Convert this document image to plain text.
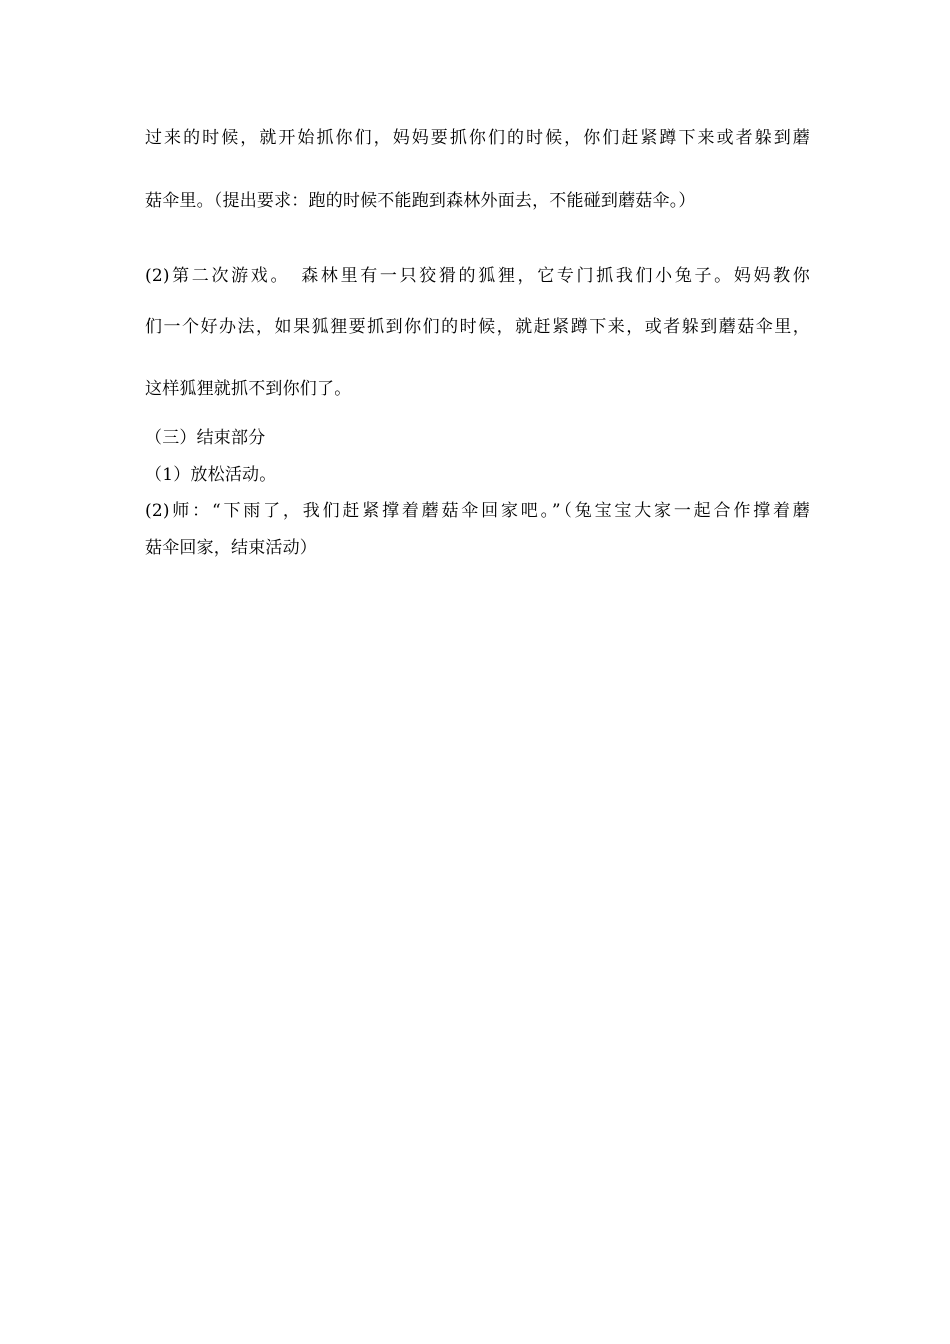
过来的时候，就开始抓你们，妈妈要抓你们的时候，你们赶紧蹲下来或者躲到蘑
菇伞里。（提出要求：跑的时候不能跑到森林外面去，不能碰到蘑菇伞。）
(2)第二次游戏。　森林里有一只狡猾的狐狸，它专门抓我们小兔子。妈妈教你
们一个好办法，如果狐狸要抓到你们的时候，就赶紧蹲下来，或者躲到蘑菇伞里，
这样狐狸就抓不到你们了。
（三）结束部分
（1）放松活动。
(2)师：“下雨了，我们赶紧撑着蘑菇伞回家吧。”（兔宝宝大家一起合作撑着蘑
菇伞回家，结束活动）
